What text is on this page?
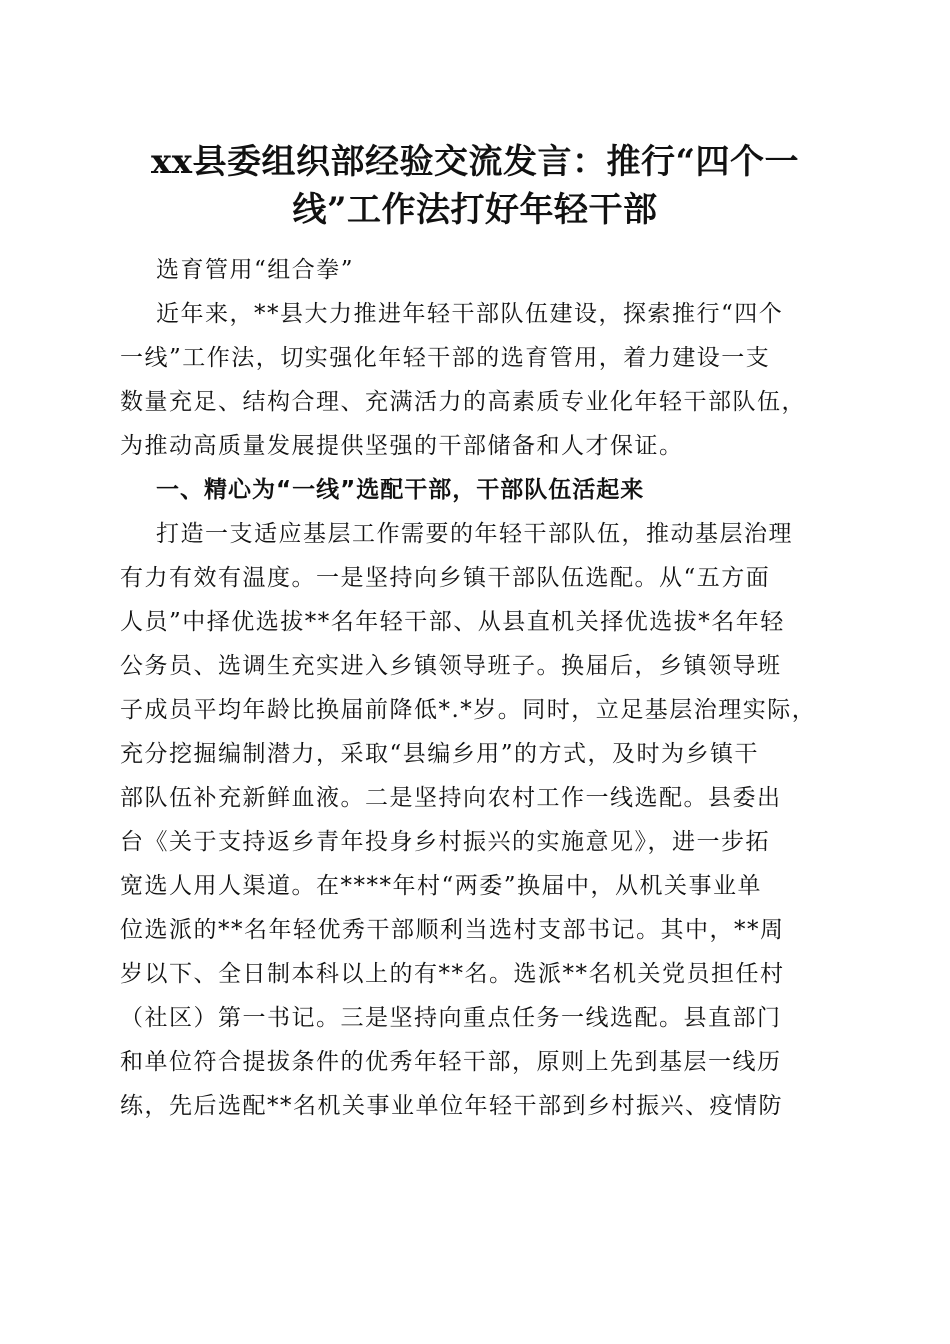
xx县委组织部经验交流发言：推行“四个一
线”工作法打好年轻干部
选育管用“组合拳”
近年来，**县大力推进年轻干部队伍建设，探索推行“四个
一线”工作法，切实强化年轻干部的选育管用，着力建设一支
数量充足、结构合理、充满活力的高素质专业化年轻干部队伍，
为推动高质量发展提供坚强的干部储备和人才保证。
一、精心为“一线”选配干部，干部队伍活起来
打造一支适应基层工作需要的年轻干部队伍，推动基层治理
有力有效有温度。一是坚持向乡镇干部队伍选配。从“五方面
人员”中择优选拔**名年轻干部、从县直机关择优选拔*名年轻
公务员、选调生充实进入乡镇领导班子。换届后，乡镇领导班
子成员平均年龄比换届前降低*.*岁。同时，立足基层治理实际，
充分挖掘编制潜力，采取“县编乡用”的方式，及时为乡镇干
部队伍补充新鲜血液。二是坚持向农村工作一线选配。县委出
台《关于支持返乡青年投身乡村振兴的实施意见》，进一步拓
宽选人用人渠道。在****年村“两委”换届中，从机关事业单
位选派的**名年轻优秀干部顺利当选村支部书记。其中，**周
岁以下、全日制本科以上的有**名。选派**名机关党员担任村
（社区）第一书记。三是坚持向重点任务一线选配。县直部门
和单位符合提拔条件的优秀年轻干部，原则上先到基层一线历
练，先后选配**名机关事业单位年轻干部到乡村振兴、疫情防
